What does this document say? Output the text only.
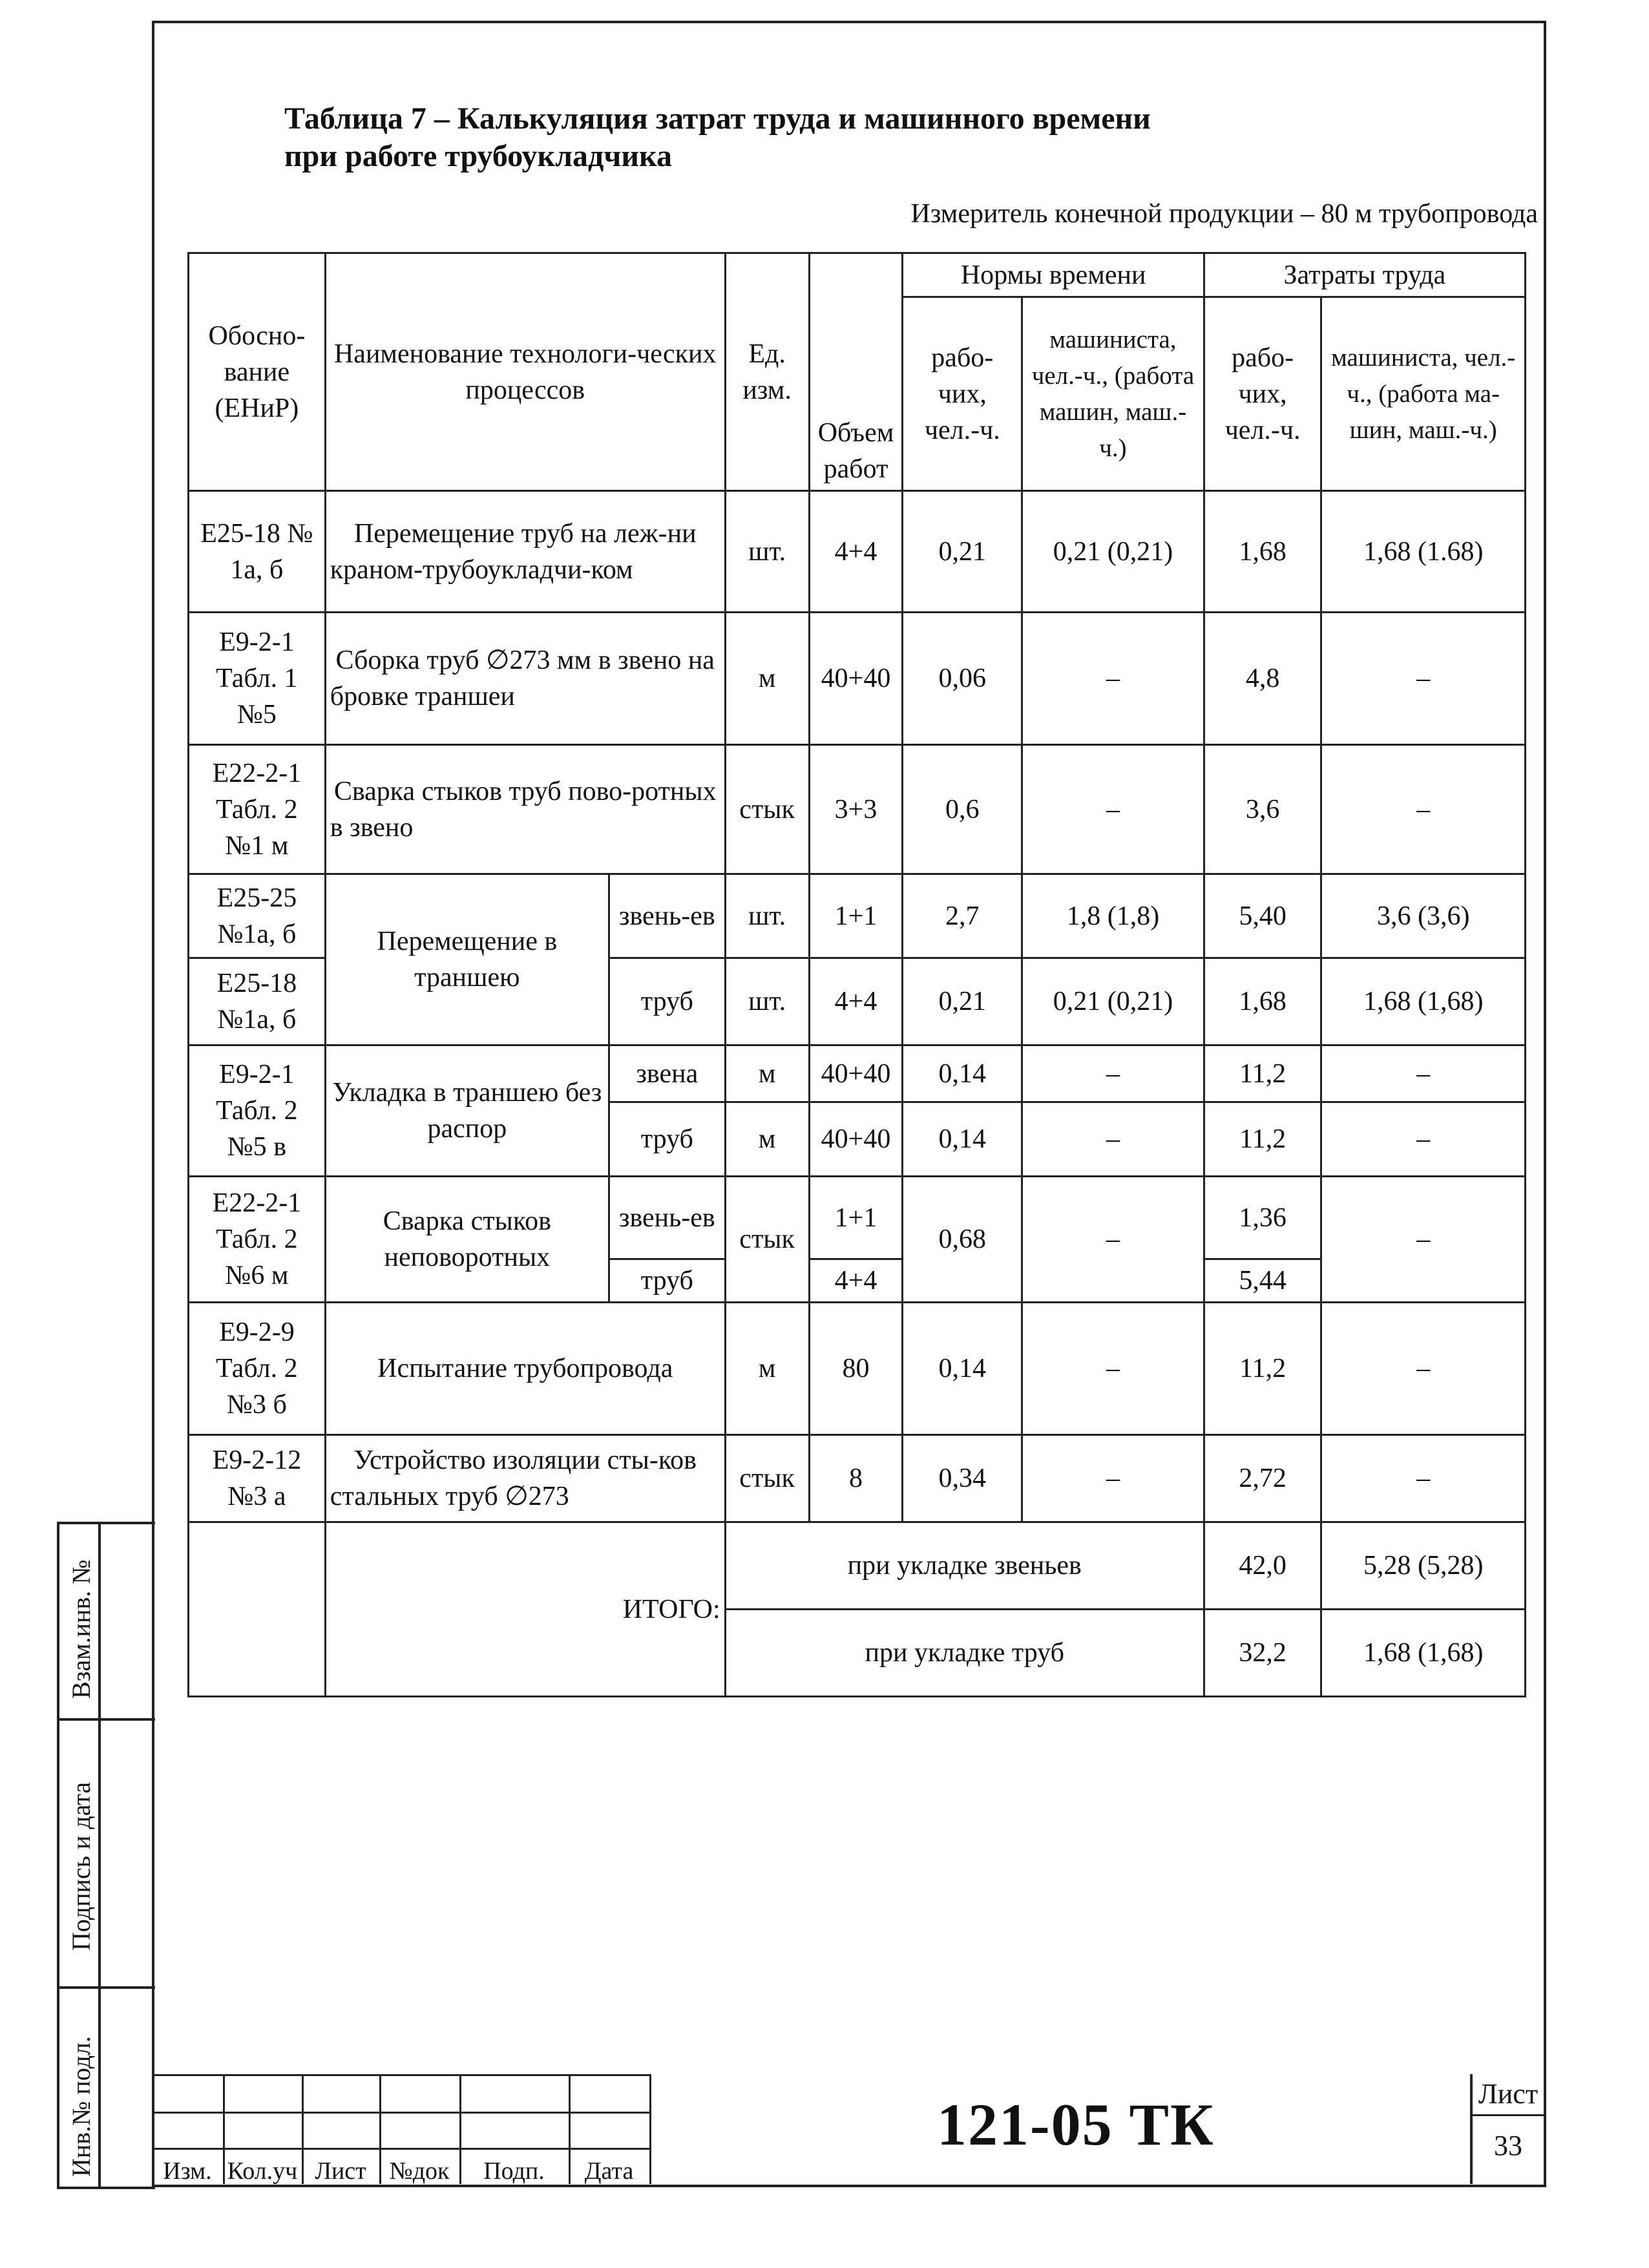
Взам.инв. №
Подпись и дата
Инв.№ подл.
Таблица 7 – Калькуляция затрат труда и машинного времени
при работе трубоукладчика
Измеритель конечной продукции – 80 м трубопровода
Обосно-вание (ЕНиР)	Наименование технологи-ческих процессов		Ед. изм.	Объем работ	Нормы времени		Затраты труда	
					рабо-чих, чел.-ч.	машиниста, чел.-ч., (работа машин, маш.-ч.)	рабо-чих, чел.-ч.	машиниста, чел.-ч., (работа ма-шин, маш.-ч.)
Е25-18 № 1а, б	Перемещение труб на леж-ни краном-трубоукладчи-ком		шт.	4+4	0,21	0,21 (0,21)	1,68	1,68 (1.68)
Е9-2-1 Табл. 1 №5	Сборка труб ∅273 мм в звено на бровке траншеи		м	40+40	0,06	–	4,8	–
Е22-2-1 Табл. 2 №1 м	Сварка стыков труб пово-ротных в звено		стык	3+3	0,6	–	3,6	–
Е25-25 №1а, б	Перемещение в траншею	звень-ев	шт.	1+1	2,7	1,8 (1,8)	5,40	3,6 (3,6)
Е25-18 №1а, б		труб	шт.	4+4	0,21	0,21 (0,21)	1,68	1,68 (1,68)
Е9-2-1 Табл. 2 №5 в	Укладка в траншею без распор	звена	м	40+40	0,14	–	11,2	–
		труб	м	40+40	0,14	–	11,2	–
Е22-2-1 Табл. 2 №6 м	Сварка стыков неповоротных	звень-ев	стык	1+1	0,68	–	1,36	–
		труб		4+4			5,44	
Е9-2-9 Табл. 2 №3 б	Испытание трубопровода		м	80	0,14	–	11,2	–
Е9-2-12 №3 а	Устройство изоляции сты-ков стальных труб ∅273		стык	8	0,34	–	2,72	–
	ИТОГО:		при укладке звеньев				42,0	5,28 (5,28)
			при укладке труб				32,2	1,68 (1,68)
Изм. Кол.уч Лист №док	Подп.	Дата
121-05 ТК	Лист
33
